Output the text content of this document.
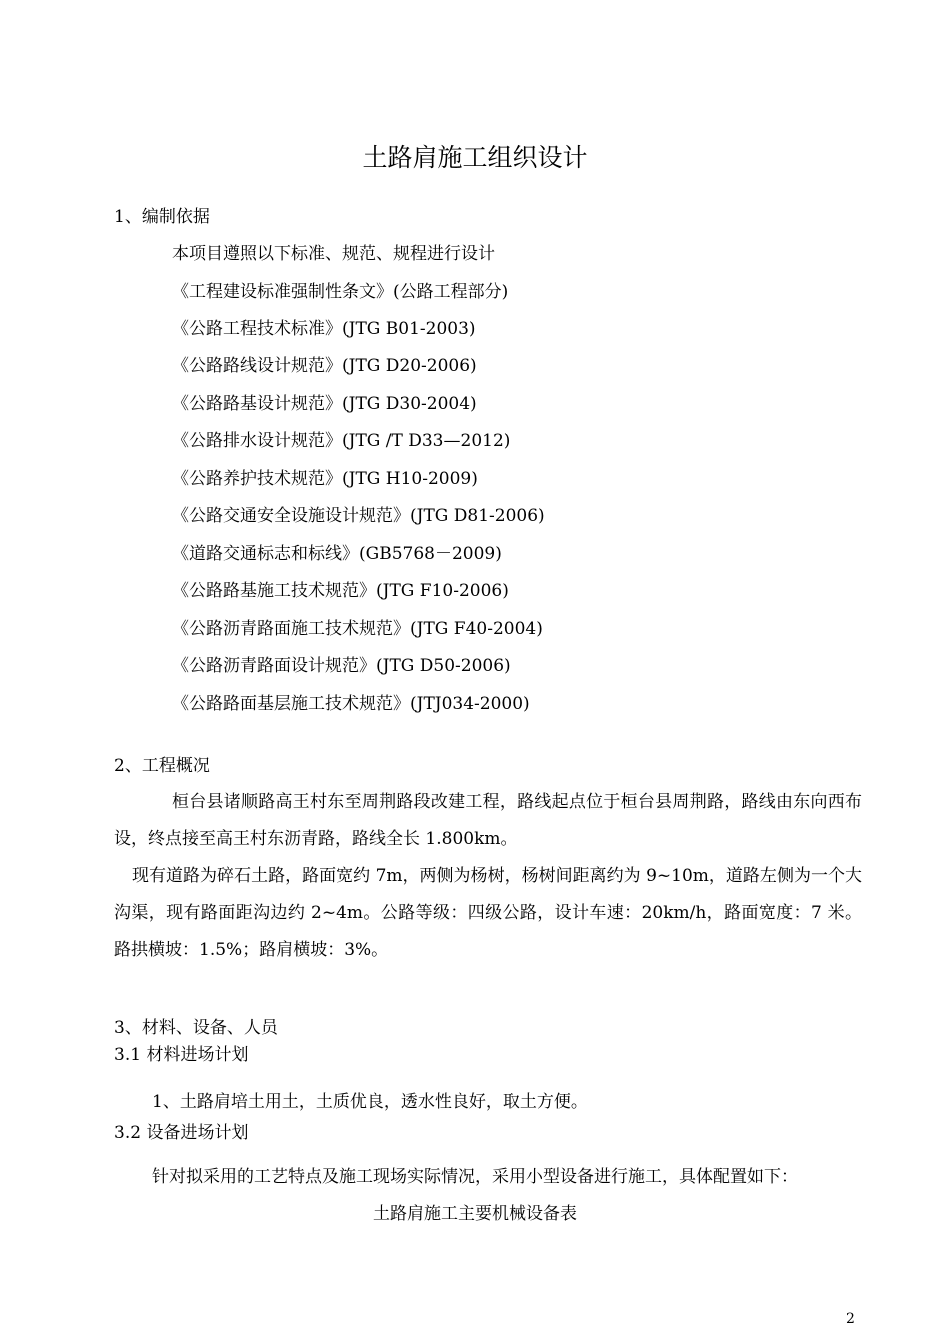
土路肩施工组织设计
1、编制依据
本项目遵照以下标准、规范、规程进行设计
《工程建设标准强制性条文》(公路工程部分)
《公路工程技术标准》(JTG B01-2003)
《公路路线设计规范》(JTG D20-2006)
《公路路基设计规范》(JTG D30-2004)
《公路排水设计规范》(JTG /T D33—2012)
《公路养护技术规范》(JTG H10-2009)
《公路交通安全设施设计规范》(JTG D81-2006)
《道路交通标志和标线》(GB5768－2009)
《公路路基施工技术规范》(JTG F10-2006)
《公路沥青路面施工技术规范》(JTG F40-2004)
《公路沥青路面设计规范》(JTG D50-2006)
《公路路面基层施工技术规范》(JTJ034-2000)
2、工程概况

桓台县诸顺路高王村东至周荆路段改建工程，路线起点位于桓台县周荆路，路线由东向西布设，终点接至高王村东沥青路，路线全长 1.800km。

现有道路为碎石土路，路面宽约 7m，两侧为杨树，杨树间距离约为 9~10m，道路左侧为一个大沟渠，现有路面距沟边约 2~4m。公路等级：四级公路，设计车速：20km/h，路面宽度：7 米。路拱横坡：1.5%；路肩横坡：3%。

3、材料、设备、人员
3.1 材料进场计划
1、土路肩培土用土，土质优良，透水性良好，取土方便。
3.2 设备进场计划
针对拟采用的工艺特点及施工现场实际情况，采用小型设备进行施工，具体配置如下：
土路肩施工主要机械设备表
2
